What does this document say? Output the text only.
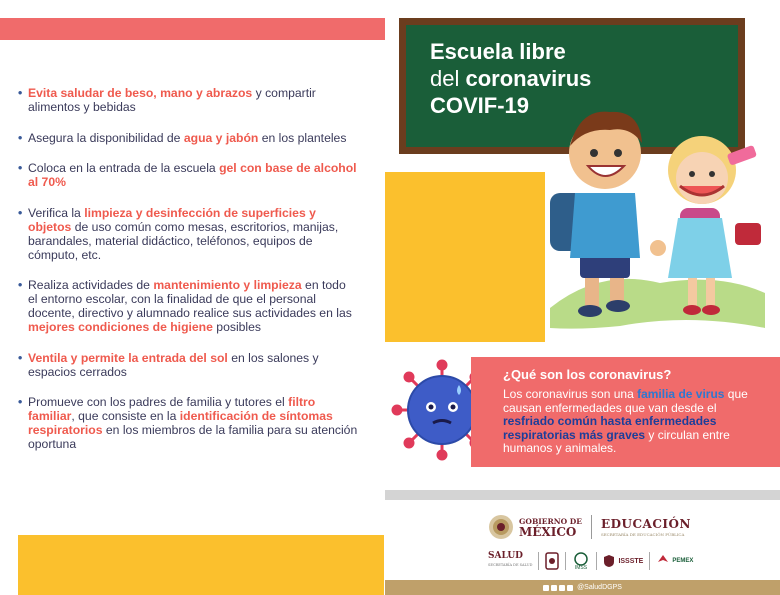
• Evita saludar de beso, mano y abrazos y compartir alimentos y bebidas
• Asegura la disponibilidad de agua y jabón en los planteles
• Coloca en la entrada de la escuela gel con base de alcohol al 70%
• Verifica la limpieza y desinfección de superficies y objetos de uso común como mesas, escritorios, manijas, barandales, material didáctico, teléfonos, equipos de cómputo, etc.
• Realiza actividades de mantenimiento y limpieza en todo el entorno escolar, con la finalidad de que el personal docente, directivo y alumnado realice sus actividades en las mejores condiciones de higiene posibles
• Ventila y permite la entrada del sol en los salones y espacios cerrados
• Promueve con los padres de familia y tutores el filtro familiar, que consiste en la identificación de síntomas respiratorios en los miembros de la familia para su atención oportuna
Escuela libre
del coronavirus
COVIF-19
¿Qué son los coronavirus?

Los coronavirus son una familia de virus que causan enfermedades que van desde el resfriado común hasta enfermedades respiratorias más graves y circulan entre humanos y animales.

GOBIERNO DE
MÉXICO
EDUCACIÓN
SECRETARÍA DE EDUCACIÓN PÚBLICA
SALUD
SECRETARÍA DE SALUD	IMSS
ISSSTE	PEMEX
@SaludDGPS
